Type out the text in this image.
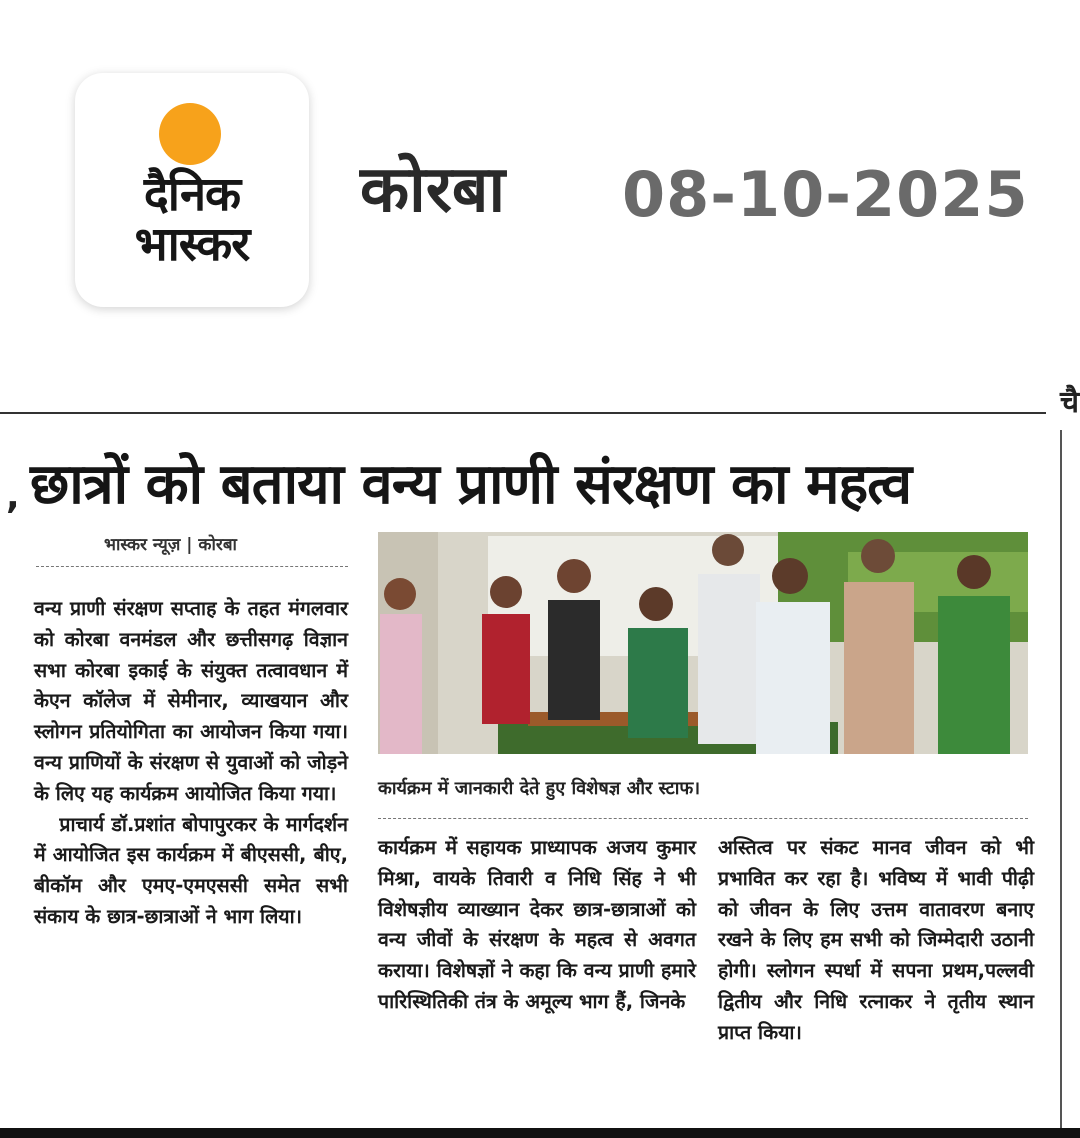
दैनिक
भास्कर
कोरबा 08-10-2025
चै
, छात्रों को बताया वन्य प्राणी संरक्षण का महत्व
भास्कर न्यूज़ | कोरबा
कार्यक्रम में जानकारी देते हुए विशेषज्ञ और स्टाफ।

वन्य प्राणी संरक्षण सप्ताह के तहत मंगलवार को कोरबा वनमंडल और छत्तीसगढ़ विज्ञान सभा कोरबा इकाई के संयुक्त तत्वावधान में केएन कॉलेज में सेमीनार, व्याखयान और स्लोगन प्रतियोगिता का आयोजन किया गया। वन्य प्राणियों के संरक्षण से युवाओं को जोड़ने के लिए यह कार्यक्रम आयोजित किया गया।

प्राचार्य डॉ.प्रशांत बोपापुरकर के मार्गदर्शन में आयोजित इस कार्यक्रम में बीएससी, बीए, बीकॉम और एमए-एमएससी समेत सभी संकाय के छात्र-छात्राओं ने भाग लिया।

कार्यक्रम में सहायक प्राध्यापक अजय कुमार मिश्रा, वायके तिवारी व निधि सिंह ने भी विशेषज्ञीय व्याख्यान देकर छात्र-छात्राओं को वन्य जीवों के संरक्षण के महत्व से अवगत कराया। विशेषज्ञों ने कहा कि वन्य प्राणी हमारे पारिस्थितिकी तंत्र के अमूल्य भाग हैं, जिनके

अस्तित्व पर संकट मानव जीवन को भी प्रभावित कर रहा है। भविष्य में भावी पीढ़ी को जीवन के लिए उत्तम वातावरण बनाए रखने के लिए हम सभी को जिम्मेदारी उठानी होगी। स्लोगन स्पर्धा में सपना प्रथम,पल्लवी द्वितीय और निधि रत्नाकर ने तृतीय स्थान प्राप्त किया।
